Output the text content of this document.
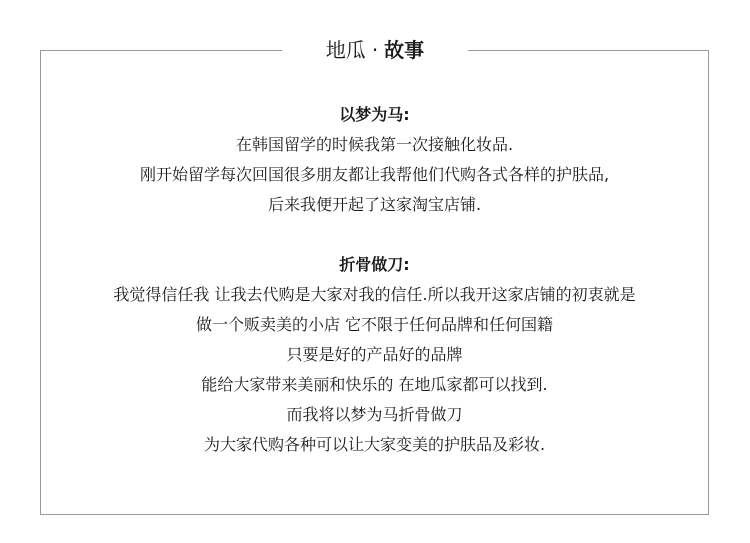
地瓜 · 故事
以梦为马:
在韩国留学的时候我第一次接触化妆品.
刚开始留学每次回国很多朋友都让我帮他们代购各式各样的护肤品,
后来我便开起了这家淘宝店铺.
折骨做刀:
我觉得信任我 让我去代购是大家对我的信任.所以我开这家店铺的初衷就是
做一个贩卖美的小店 它不限于任何品牌和任何国籍
只要是好的产品好的品牌
能给大家带来美丽和快乐的 在地瓜家都可以找到.
而我将以梦为马折骨做刀
为大家代购各种可以让大家变美的护肤品及彩妆.
